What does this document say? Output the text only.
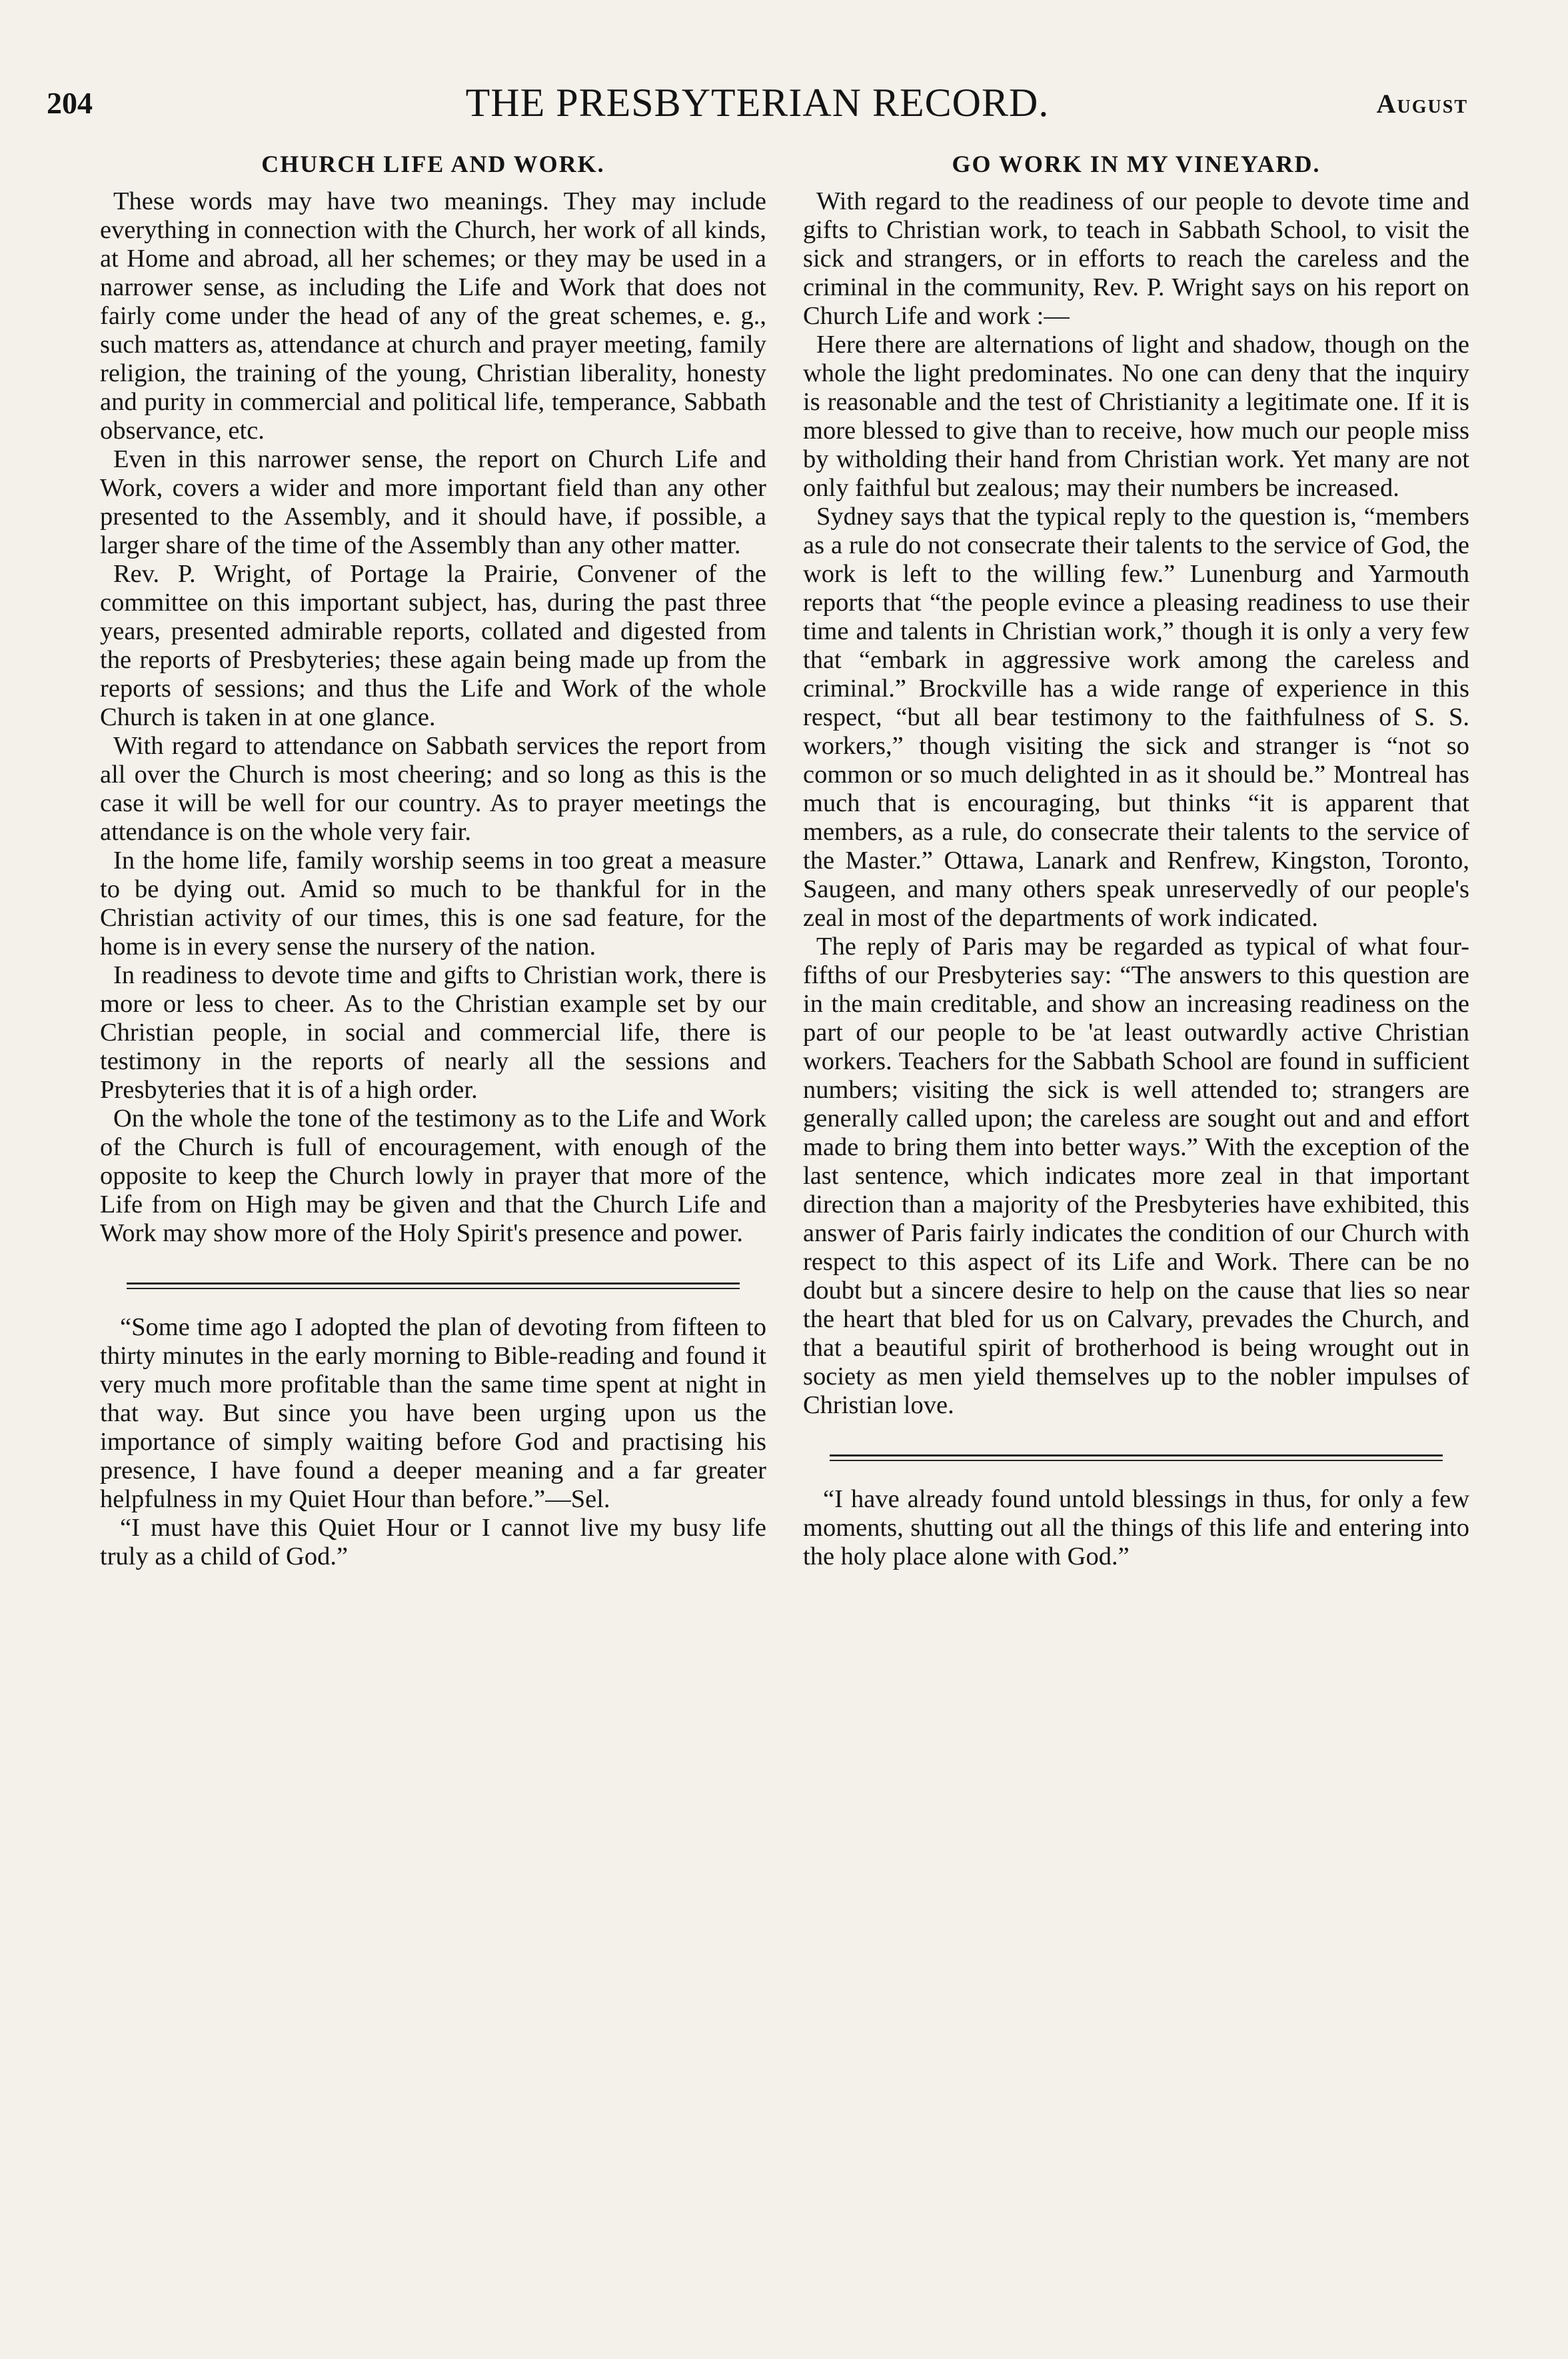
204	THE PRESBYTERIAN RECORD.	August
CHURCH LIFE AND WORK.

These words may have two meanings. They may include everything in connection with the Church, her work of all kinds, at Home and abroad, all her schemes; or they may be used in a narrower sense, as including the Life and Work that does not fairly come under the head of any of the great schemes, e. g., such matters as, attendance at church and prayer meeting, family religion, the training of the young, Christian liberality, honesty and purity in commercial and political life, temperance, Sabbath observance, etc.

Even in this narrower sense, the report on Church Life and Work, covers a wider and more important field than any other presented to the Assembly, and it should have, if possible, a larger share of the time of the Assembly than any other matter.

Rev. P. Wright, of Portage la Prairie, Convener of the committee on this important subject, has, during the past three years, presented admirable reports, collated and digested from the reports of Presbyteries; these again being made up from the reports of sessions; and thus the Life and Work of the whole Church is taken in at one glance.

With regard to attendance on Sabbath services the report from all over the Church is most cheering; and so long as this is the case it will be well for our country. As to prayer meetings the attendance is on the whole very fair.

In the home life, family worship seems in too great a measure to be dying out. Amid so much to be thankful for in the Christian activity of our times, this is one sad feature, for the home is in every sense the nursery of the nation.

In readiness to devote time and gifts to Christian work, there is more or less to cheer. As to the Christian example set by our Christian people, in social and commercial life, there is testimony in the reports of nearly all the sessions and Presbyteries that it is of a high order.

On the whole the tone of the testimony as to the Life and Work of the Church is full of encouragement, with enough of the opposite to keep the Church lowly in prayer that more of the Life from on High may be given and that the Church Life and Work may show more of the Holy Spirit's presence and power.

“Some time ago I adopted the plan of devoting from fifteen to thirty minutes in the early morning to Bible-reading and found it very much more profitable than the same time spent at night in that way. But since you have been urging upon us the importance of simply waiting before God and practising his presence, I have found a deeper meaning and a far greater helpfulness in my Quiet Hour than before.”—Sel.

“I must have this Quiet Hour or I cannot live my busy life truly as a child of God.”

GO WORK IN MY VINEYARD.

With regard to the readiness of our people to devote time and gifts to Christian work, to teach in Sabbath School, to visit the sick and strangers, or in efforts to reach the careless and the criminal in the community, Rev. P. Wright says on his report on Church Life and work :—

Here there are alternations of light and shadow, though on the whole the light predominates. No one can deny that the inquiry is reasonable and the test of Christianity a legitimate one. If it is more blessed to give than to receive, how much our people miss by witholding their hand from Christian work. Yet many are not only faithful but zealous; may their numbers be increased.

Sydney says that the typical reply to the question is, “members as a rule do not consecrate their talents to the service of God, the work is left to the willing few.” Lunenburg and Yarmouth reports that “the people evince a pleasing readiness to use their time and talents in Christian work,” though it is only a very few that “embark in aggressive work among the careless and criminal.” Brockville has a wide range of experience in this respect, “but all bear testimony to the faithfulness of S. S. workers,” though visiting the sick and stranger is “not so common or so much delighted in as it should be.” Montreal has much that is encouraging, but thinks “it is apparent that members, as a rule, do consecrate their talents to the service of the Master.” Ottawa, Lanark and Renfrew, Kingston, Toronto, Saugeen, and many others speak unreservedly of our people's zeal in most of the departments of work indicated.

The reply of Paris may be regarded as typical of what four-fifths of our Presbyteries say: “The answers to this question are in the main creditable, and show an increasing readiness on the part of our people to be 'at least outwardly active Christian workers. Teachers for the Sabbath School are found in sufficient numbers; visiting the sick is well attended to; strangers are generally called upon; the careless are sought out and and effort made to bring them into better ways.” With the exception of the last sentence, which indicates more zeal in that important direction than a majority of the Presbyteries have exhibited, this answer of Paris fairly indicates the condition of our Church with respect to this aspect of its Life and Work. There can be no doubt but a sincere desire to help on the cause that lies so near the heart that bled for us on Calvary, prevades the Church, and that a beautiful spirit of brotherhood is being wrought out in society as men yield themselves up to the nobler impulses of Christian love.

“I have already found untold blessings in thus, for only a few moments, shutting out all the things of this life and entering into the holy place alone with God.”
